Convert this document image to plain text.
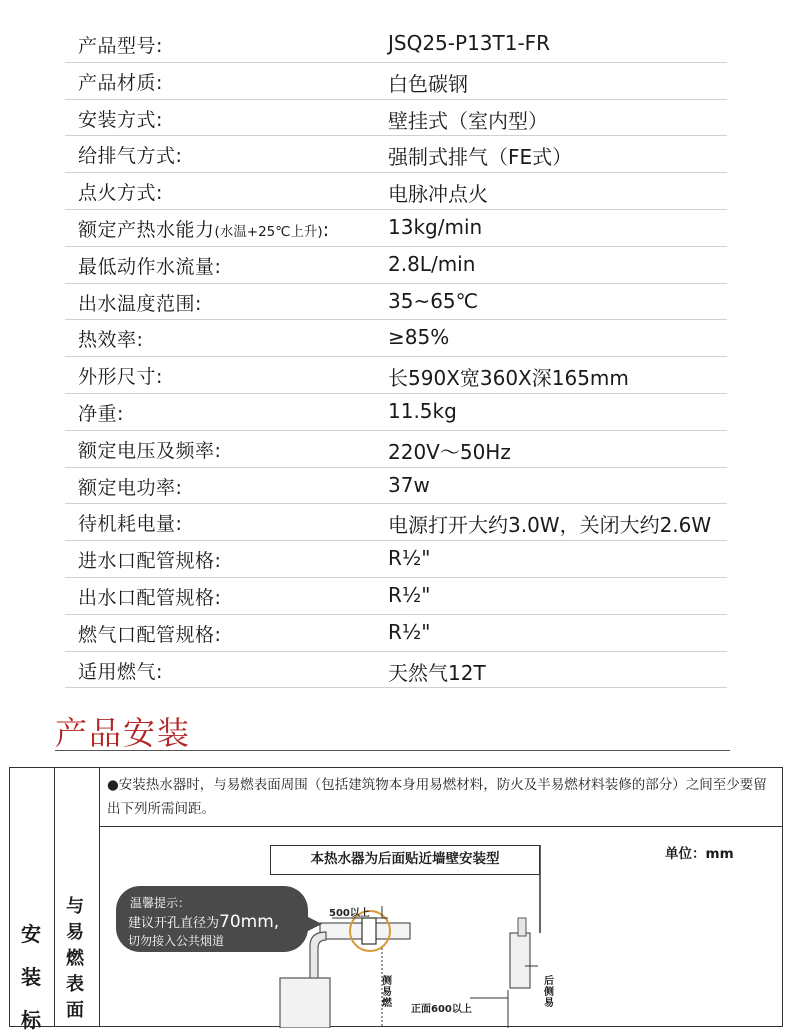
产品型号:	JSQ25-P13T1-FR
产品材质:	白色碳钢
安装方式:	壁挂式（室内型）
给排气方式:	强制式排气（FE式）
点火方式:	电脉冲点火
额定产热水能力(水温+25℃上升):	13kg/min
最低动作水流量:	2.8L/min
出水温度范围:	35~65℃
热效率:	≥85%
外形尺寸:	长590X宽360X深165mm
净重:	11.5kg
额定电压及频率:	220V～50Hz
额定电功率:	37w
待机耗电量:	电源打开大约3.0W，关闭大约2.6W
进水口配管规格:	R½"
出水口配管规格:	R½"
燃气口配管规格:	R½"
适用燃气:	天然气12T
产品安装
安
装
标
与
易
燃
表
面
●安装热水器时，与易燃表面周围（包括建筑物本身用易燃材料，防火及半易燃材料装修的部分）之间至少要留出下列所需间距。
本热水器为后面贴近墙壁安装型	单位：mm
温馨提示：
建议开孔直径为70mm,
切勿接入公共烟道
500以上
正面600以上
侧易燃
后侧易
